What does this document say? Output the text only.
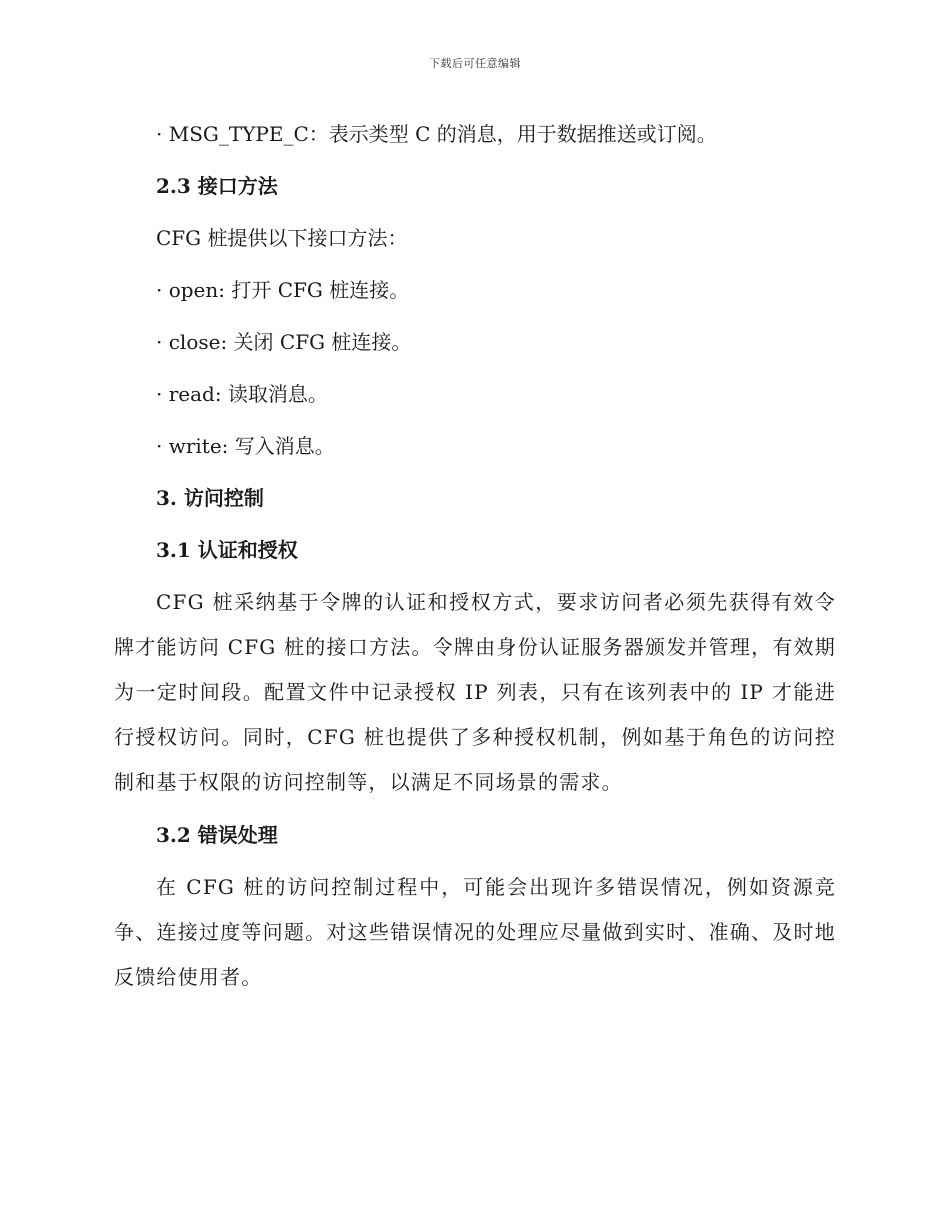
下载后可任意编辑
· MSG_TYPE_C：表示类型 C 的消息，用于数据推送或订阅。
2.3 接口方法
CFG 桩提供以下接口方法：
· open: 打开 CFG 桩连接。
· close: 关闭 CFG 桩连接。
· read: 读取消息。
· write: 写入消息。
3. 访问控制
3.1 认证和授权

CFG 桩采纳基于令牌的认证和授权方式，要求访问者必须先获得有效令牌才能访问 CFG 桩的接口方法。令牌由身份认证服务器颁发并管理，有效期为一定时间段。配置文件中记录授权 IP 列表，只有在该列表中的 IP 才能进行授权访问。同时，CFG 桩也提供了多种授权机制，例如基于角色的访问控制和基于权限的访问控制等，以满足不同场景的需求。

3.2 错误处理

在 CFG 桩的访问控制过程中，可能会出现许多错误情况，例如资源竞争、连接过度等问题。对这些错误情况的处理应尽量做到实时、准确、及时地反馈给使用者。
